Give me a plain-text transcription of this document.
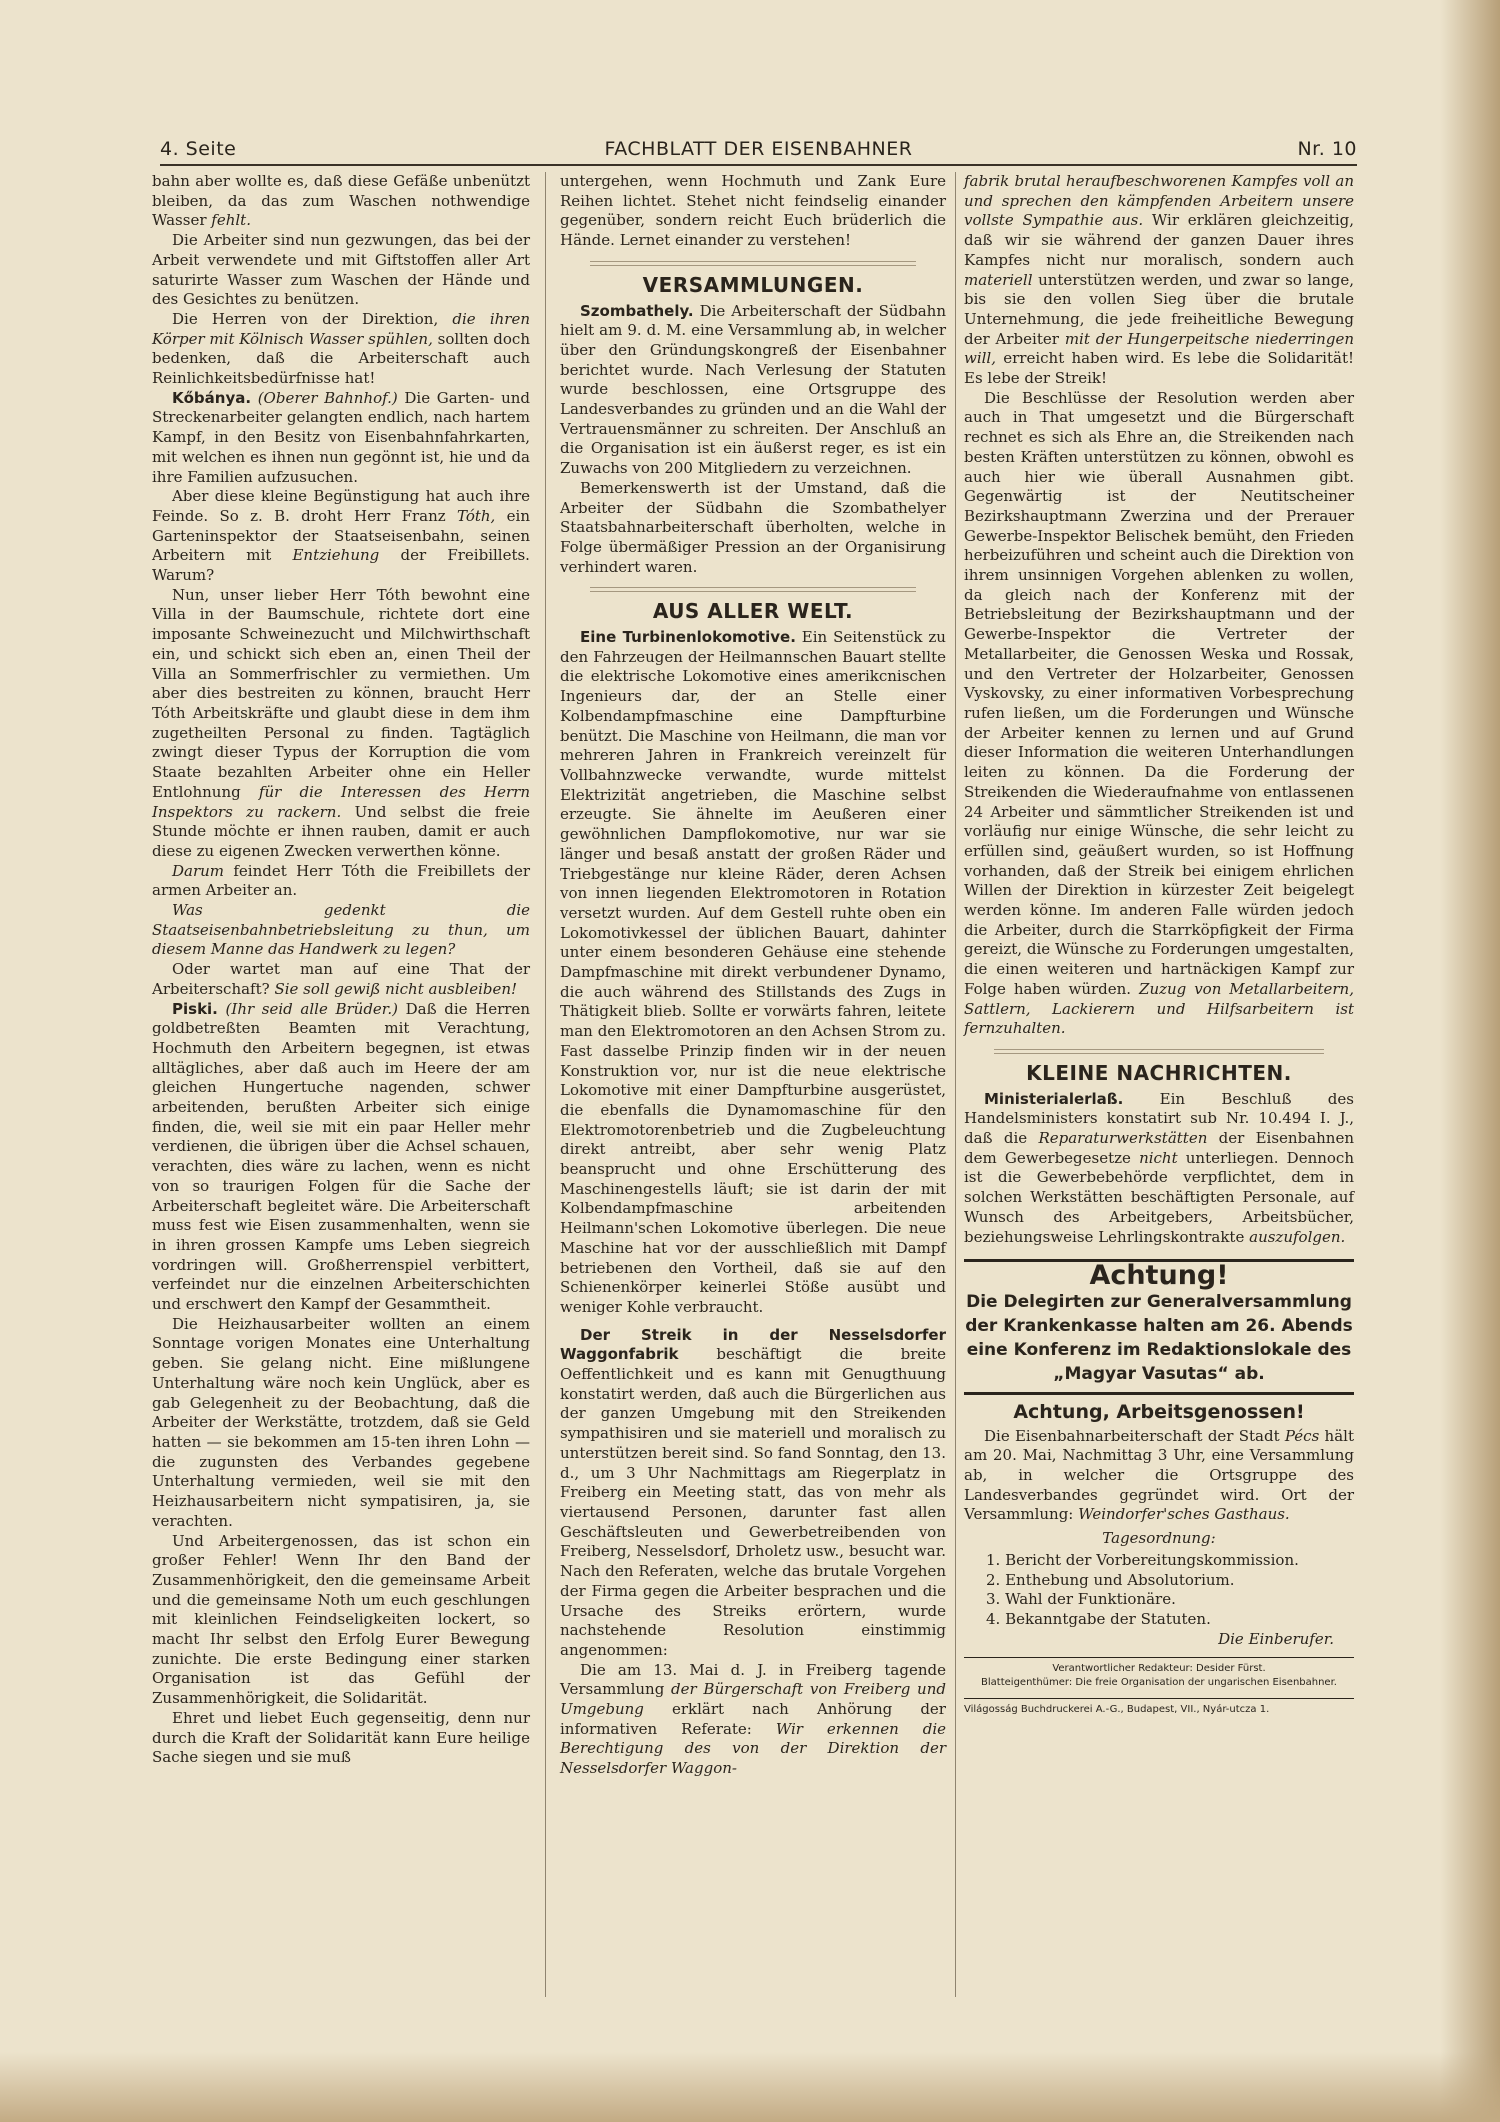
FACHBLATT DER EISENBAHNER
4. Seite	Nr. 10

bahn aber wollte es, daß diese Gefäße unbenützt bleiben, da das zum Waschen nothwendige Wasser fehlt.

Die Arbeiter sind nun gezwungen, das bei der Arbeit verwendete und mit Giftstoffen aller Art saturirte Wasser zum Waschen der Hände und des Gesichtes zu benützen.

Die Herren von der Direktion, die ihren Körper mit Kölnisch Wasser spühlen, sollten doch bedenken, daß die Arbeiterschaft auch Reinlichkeitsbedürfnisse hat!

Kőbánya. (Oberer Bahnhof.) Die Garten- und Streckenarbeiter gelangten endlich, nach hartem Kampf, in den Besitz von Eisenbahnfahrkarten, mit welchen es ihnen nun gegönnt ist, hie und da ihre Familien aufzusuchen.

Aber diese kleine Begünstigung hat auch ihre Feinde. So z. B. droht Herr Franz Tóth, ein Garteninspektor der Staatseisenbahn, seinen Arbeitern mit Entziehung der Freibillets. Warum?

Nun, unser lieber Herr Tóth bewohnt eine Villa in der Baumschule, richtete dort eine imposante Schweinezucht und Milchwirthschaft ein, und schickt sich eben an, einen Theil der Villa an Sommerfrischler zu vermiethen. Um aber dies bestreiten zu können, braucht Herr Tóth Arbeitskräfte und glaubt diese in dem ihm zugetheilten Personal zu finden. Tagtäglich zwingt dieser Typus der Korruption die vom Staate bezahlten Arbeiter ohne ein Heller Entlohnung für die Interessen des Herrn Inspektors zu rackern. Und selbst die freie Stunde möchte er ihnen rauben, damit er auch diese zu eigenen Zwecken verwerthen könne.

Darum feindet Herr Tóth die Freibillets der armen Arbeiter an.

Was gedenkt die Staatseisenbahnbetriebsleitung zu thun, um diesem Manne das Handwerk zu legen?

Oder wartet man auf eine That der Arbeiterschaft? Sie soll gewiß nicht ausbleiben!

Piski. (Ihr seid alle Brüder.) Daß die Herren goldbetreßten Beamten mit Verachtung, Hochmuth den Arbeitern begegnen, ist etwas alltägliches, aber daß auch im Heere der am gleichen Hungertuche nagenden, schwer arbeitenden, berußten Arbeiter sich einige finden, die, weil sie mit ein paar Heller mehr verdienen, die übrigen über die Achsel schauen, verachten, dies wäre zu lachen, wenn es nicht von so traurigen Folgen für die Sache der Arbeiterschaft begleitet wäre. Die Arbeiterschaft muss fest wie Eisen zusammenhalten, wenn sie in ihren grossen Kampfe ums Leben siegreich vordringen will. Großherrenspiel verbittert, verfeindet nur die einzelnen Arbeiterschichten und erschwert den Kampf der Gesammtheit.

Die Heizhausarbeiter wollten an einem Sonntage vorigen Monates eine Unterhaltung geben. Sie gelang nicht. Eine mißlungene Unterhaltung wäre noch kein Unglück, aber es gab Gelegenheit zu der Beobachtung, daß die Arbeiter der Werkstätte, trotzdem, daß sie Geld hatten — sie bekommen am 15-ten ihren Lohn — die zugunsten des Verbandes gegebene Unterhaltung vermieden, weil sie mit den Heizhausarbeitern nicht sympatisiren, ja, sie verachten.

Und Arbeitergenossen, das ist schon ein großer Fehler! Wenn Ihr den Band der Zusammenhörigkeit, den die gemeinsame Arbeit und die gemeinsame Noth um euch geschlungen mit kleinlichen Feindseligkeiten lockert, so macht Ihr selbst den Erfolg Eurer Bewegung zunichte. Die erste Bedingung einer starken Organisation ist das Gefühl der Zusammenhörigkeit, die Solidarität.

Ehret und liebet Euch gegenseitig, denn nur durch die Kraft der Solidarität kann Eure heilige Sache siegen und sie muß

untergehen, wenn Hochmuth und Zank Eure Reihen lichtet. Stehet nicht feindselig einander gegenüber, sondern reicht Euch brüderlich die Hände. Lernet einander zu verstehen!

VERSAMMLUNGEN.

Szombathely. Die Arbeiterschaft der Südbahn hielt am 9. d. M. eine Versammlung ab, in welcher über den Gründungskongreß der Eisenbahner berichtet wurde. Nach Verlesung der Statuten wurde beschlossen, eine Ortsgruppe des Landesverbandes zu gründen und an die Wahl der Vertrauensmänner zu schreiten. Der Anschluß an die Organisation ist ein äußerst reger, es ist ein Zuwachs von 200 Mitgliedern zu verzeichnen.

Bemerkenswerth ist der Umstand, daß die Arbeiter der Südbahn die Szombathelyer Staatsbahnarbeiterschaft überholten, welche in Folge übermäßiger Pression an der Organisirung verhindert waren.

AUS ALLER WELT.

Eine Turbinenlokomotive. Ein Seitenstück zu den Fahrzeugen der Heilmannschen Bauart stellte die elektrische Lokomotive eines amerikcnischen Ingenieurs dar, der an Stelle einer Kolbendampfmaschine eine Dampfturbine benützt. Die Maschine von Heilmann, die man vor mehreren Jahren in Frankreich vereinzelt für Vollbahnzwecke verwandte, wurde mittelst Elektrizität angetrieben, die Maschine selbst erzeugte. Sie ähnelte im Aeußeren einer gewöhnlichen Dampflokomotive, nur war sie länger und besaß anstatt der großen Räder und Triebgestänge nur kleine Räder, deren Achsen von innen liegenden Elektromotoren in Rotation versetzt wurden. Auf dem Gestell ruhte oben ein Lokomotivkessel der üblichen Bauart, dahinter unter einem besonderen Gehäuse eine stehende Dampfmaschine mit direkt verbundener Dynamo, die auch während des Stillstands des Zugs in Thätigkeit blieb. Sollte er vorwärts fahren, leitete man den Elektromotoren an den Achsen Strom zu. Fast dasselbe Prinzip finden wir in der neuen Konstruktion vor, nur ist die neue elektrische Lokomotive mit einer Dampfturbine ausgerüstet, die ebenfalls die Dynamomaschine für den Elektromotorenbetrieb und die Zugbeleuchtung direkt antreibt, aber sehr wenig Platz beansprucht und ohne Erschütterung des Maschinengestells läuft; sie ist darin der mit Kolbendampfmaschine arbeitenden Heilmann'schen Lokomotive überlegen. Die neue Maschine hat vor der ausschließlich mit Dampf betriebenen den Vortheil, daß sie auf den Schienenkörper keinerlei Stöße ausübt und weniger Kohle verbraucht.

Der Streik in der Nesselsdorfer Waggonfabrik	beschäftigt die breite Oeffentlichkeit und es kann mit Genugthuung konstatirt werden, daß auch die Bürgerlichen aus der ganzen Umgebung mit den Streikenden sympathisiren und sie materiell und moralisch zu unterstützen bereit sind. So fand Sonntag, den 13. d., um 3 Uhr Nachmittags am Riegerplatz in Freiberg ein Meeting statt, das von mehr als viertausend Personen, darunter fast allen Geschäftsleuten und Gewerbetreibenden von Freiberg, Nesselsdorf, Drholetz usw., besucht war. Nach den Referaten, welche das brutale Vorgehen der Firma gegen die Arbeiter besprachen und die Ursache des Streiks erörtern, wurde nachstehende Resolution einstimmig angenommen:

Die am 13. Mai d. J. in Freiberg tagende Versammlung der Bürgerschaft von Freiberg und Umgebung erklärt nach Anhörung der informativen Referate: Wir erkennen die Berechtigung des von der Direktion der Nesselsdorfer Waggon-

fabrik brutal heraufbeschworenen Kampfes voll an und sprechen den kämpfenden Arbeitern unsere vollste Sympathie aus. Wir erklären gleichzeitig, daß wir sie während der ganzen Dauer ihres Kampfes nicht nur moralisch, sondern auch materiell unterstützen werden, und zwar so lange, bis sie den vollen Sieg über die brutale Unternehmung, die jede freiheitliche Bewegung der Arbeiter mit der Hungerpeitsche niederringen will, erreicht haben wird. Es lebe die Solidarität! Es lebe der Streik!

Die Beschlüsse der Resolution werden aber auch in That umgesetzt und die Bürgerschaft rechnet es sich als Ehre an, die Streikenden nach besten Kräften unterstützen zu können, obwohl es auch hier wie überall Ausnahmen gibt. Gegenwärtig ist der Neutitscheiner Bezirkshauptmann Zwerzina und der Prerauer Gewerbe-Inspektor Belischek bemüht, den Frieden herbeizuführen und scheint auch die Direktion von ihrem unsinnigen Vorgehen ablenken zu wollen, da gleich nach der Konferenz mit der Betriebsleitung der Bezirkshauptmann und der Gewerbe-Inspektor die Vertreter der Metallarbeiter, die Genossen Weska und Rossak, und den Vertreter der Holzarbeiter, Genossen Vyskovsky, zu einer informativen Vorbesprechung rufen ließen, um die Forderungen und Wünsche der Arbeiter kennen zu lernen und auf Grund dieser Information die weiteren Unterhandlungen leiten zu können. Da die Forderung der Streikenden die Wiederaufnahme von entlassenen 24 Arbeiter und sämmtlicher Streikenden ist und vorläufig nur einige Wünsche, die sehr leicht zu erfüllen sind, geäußert wurden, so ist Hoffnung vorhanden, daß der Streik bei einigem ehrlichen Willen der Direktion in kürzester Zeit beigelegt werden könne. Im anderen Falle würden jedoch die Arbeiter, durch die Starrköpfigkeit der Firma gereizt, die Wünsche zu Forderungen umgestalten, die einen weiteren und hartnäckigen Kampf zur Folge haben würden. Zuzug von Metallarbeitern, Sattlern, Lackierern und Hilfsarbeitern ist fernzuhalten.

KLEINE NACHRICHTEN.

Ministerialerlaß. Ein Beschluß des Handelsministers konstatirt sub Nr. 10.494 I. J., daß die Reparaturwerkstätten der Eisenbahnen dem Gewerbegesetze nicht unterliegen. Dennoch ist die Gewerbebehörde verpflichtet, dem in solchen Werkstätten beschäftigten Personale, auf Wunsch des Arbeitgebers, Arbeitsbücher, beziehungsweise Lehrlingskontrakte auszufolgen.

Achtung!
Die Delegirten zur Generalversammlung der Krankenkasse halten am 26. Abends eine Konferenz im Redaktionslokale des „Magyar Vasutas“ ab.
Achtung, Arbeitsgenossen!

Die Eisenbahnarbeiterschaft der Stadt Pécs hält am 20. Mai, Nachmittag 3 Uhr, eine Versammlung ab, in welcher die Ortsgruppe des Landesverbandes gegründet wird. Ort der Versammlung: Weindorfer'sches Gasthaus.

Tagesordnung:

1. Bericht der Vorbereitungskommission.

2. Enthebung und Absolutorium.

3. Wahl der Funktionäre.

4. Bekanntgabe der Statuten.

Die Einberufer.

Verantwortlicher Redakteur: Desider Fürst.
Blatteigenthümer: Die freie Organisation der ungarischen Eisenbahner.
Világosság Buchdruckerei A.-G., Budapest, VII., Nyár-utcza 1.
